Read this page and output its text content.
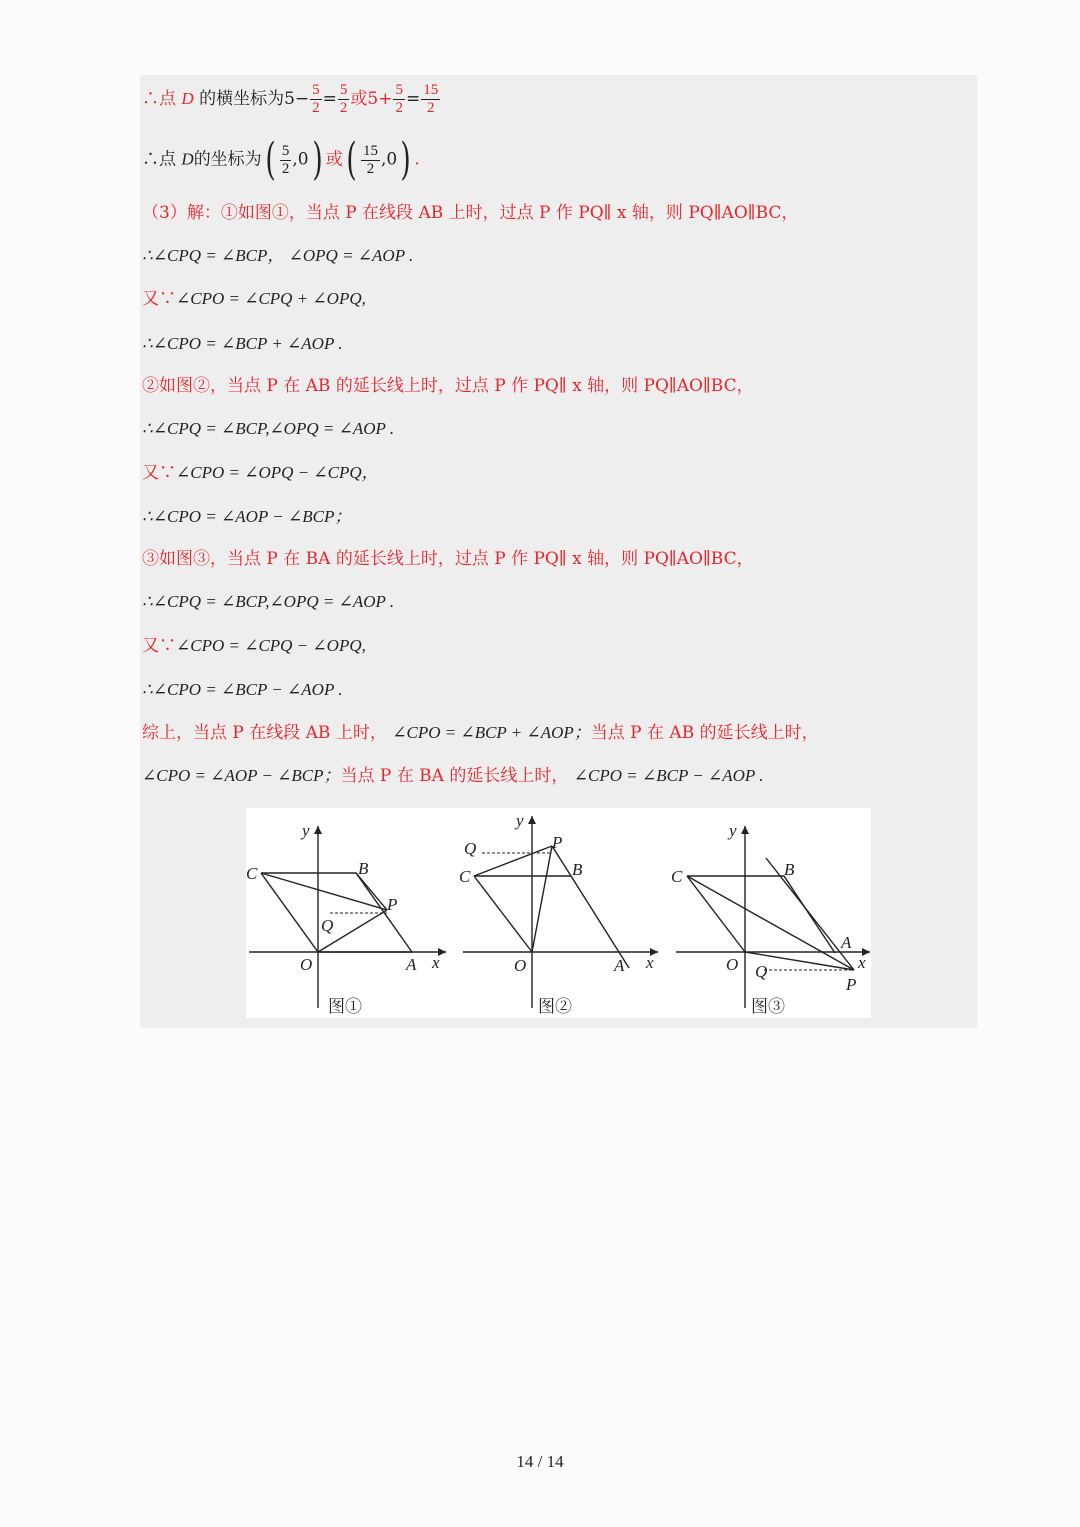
∴点 D 的横坐标为$5- \frac{5}{2} = \frac{5}{2}$ 或$5+ \frac{5}{2} = \frac{15}{2}$
∴点 D的坐标为( $\frac{5}{2} ,0$) 或( $\frac{15}{2} ,0$) .
（3）解：①如图①，当点 P 在线段 AB 上时，过点 P 作 PQ∥ x 轴，则 PQ∥AO∥BC，
∴∠CPQ = ∠BCP， ∠OPQ = ∠AOP .
又∵∠CPO = ∠CPQ + ∠OPQ,
∴∠CPO = ∠BCP + ∠AOP .
②如图②，当点 P 在 AB 的延长线上时，过点 P 作 PQ∥ x 轴，则 PQ∥AO∥BC，
∴∠CPQ = ∠BCP,∠OPQ = ∠AOP .
又∵∠CPO = ∠OPQ − ∠CPQ，
∴∠CPO = ∠AOP − ∠BCP；
③如图③，当点 P 在 BA 的延长线上时，过点 P 作 PQ∥ x 轴，则 PQ∥AO∥BC，
∴∠CPQ = ∠BCP,∠OPQ = ∠AOP .
又∵∠CPO = ∠CPQ − ∠OPQ,
∴∠CPO = ∠BCP − ∠AOP .
综上，当点 P 在线段 AB 上时， ∠CPO = ∠BCP + ∠AOP；当点 P 在 AB 的延长线上时，
∠CPO = ∠AOP − ∠BCP；当点 P 在 BA 的延长线上时， ∠CPO = ∠BCP − ∠AOP .
y
C	B
P
Q
O	A x
图①
y
Q	P
C	B
O	A x
图②
y
C	B
A
O Q
P
x
图③
14 / 14
